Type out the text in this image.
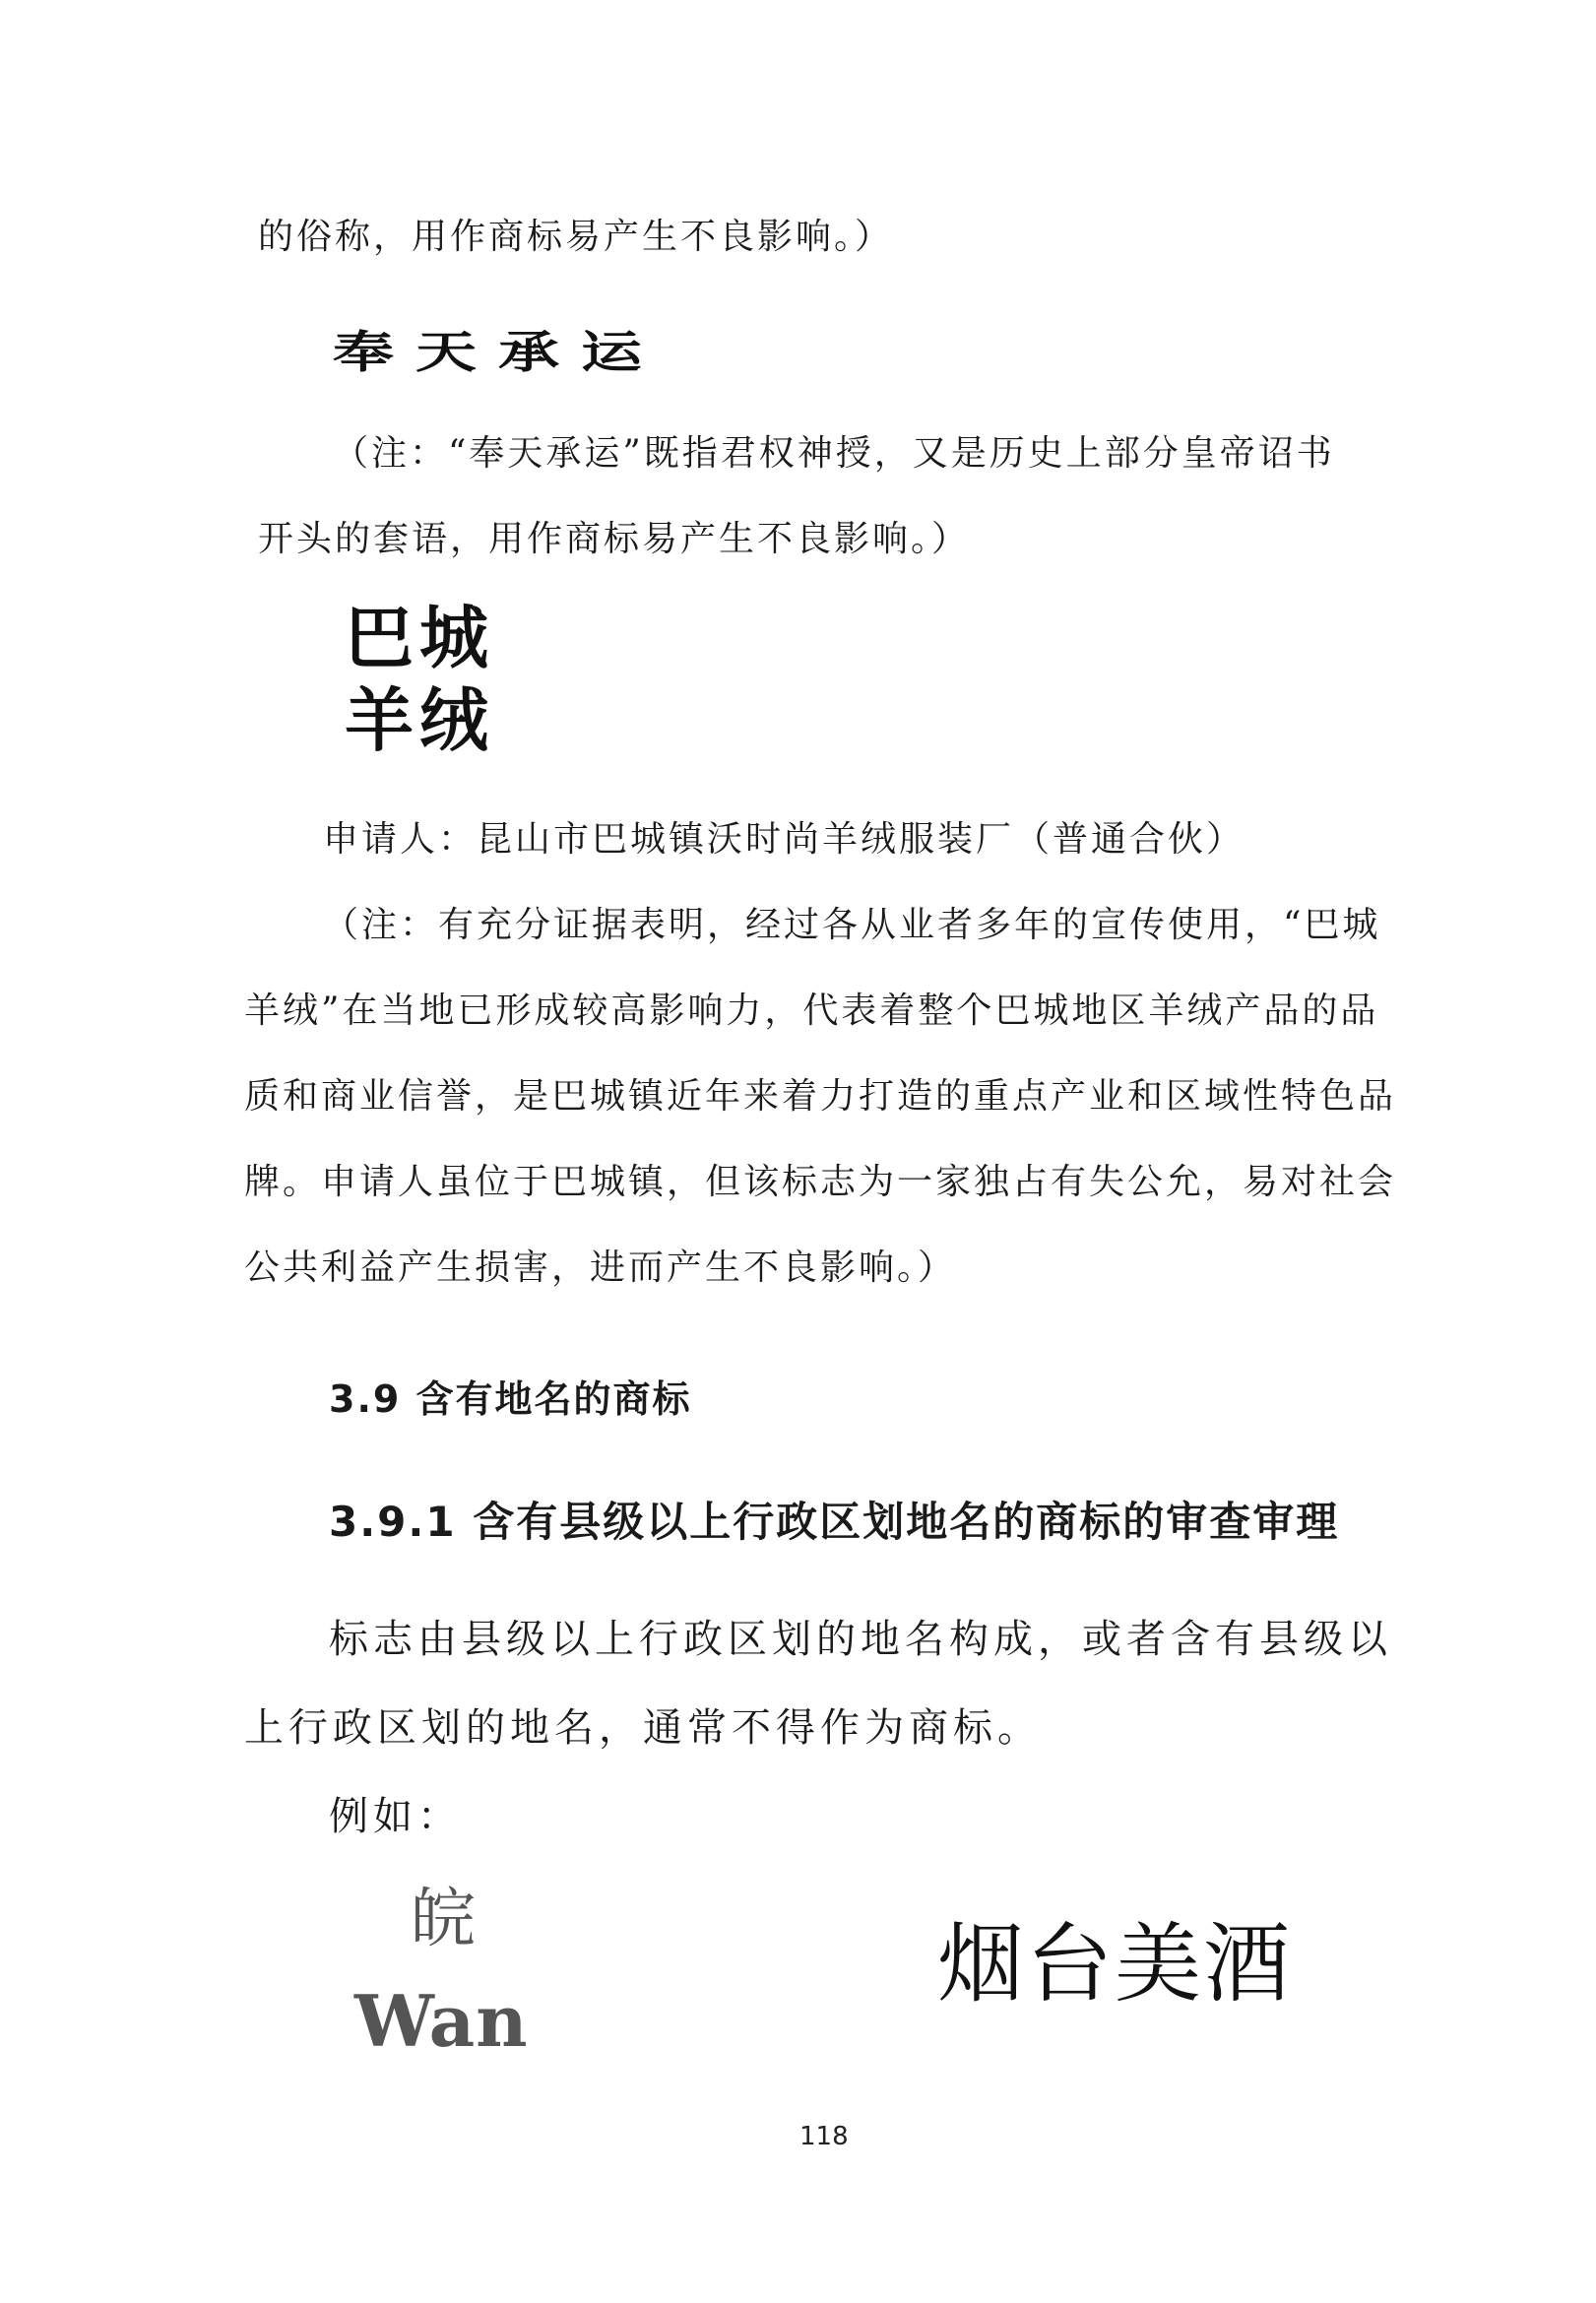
的俗称，用作商标易产生不良影响。）
奉天承运
（注：“奉天承运”既指君权神授，又是历史上部分皇帝诏书
开头的套语，用作商标易产生不良影响。）
巴城
羊绒
申请人：昆山市巴城镇沃时尚羊绒服装厂（普通合伙）
（注：有充分证据表明，经过各从业者多年的宣传使用，“巴城
羊绒”在当地已形成较高影响力，代表着整个巴城地区羊绒产品的品
质和商业信誉，是巴城镇近年来着力打造的重点产业和区域性特色品
牌。申请人虽位于巴城镇，但该标志为一家独占有失公允，易对社会
公共利益产生损害，进而产生不良影响。）
3.9 含有地名的商标
3.9.1 含有县级以上行政区划地名的商标的审查审理
标志由县级以上行政区划的地名构成，或者含有县级以
上行政区划的地名，通常不得作为商标。
例如：
皖
Wan
烟台美酒
118
